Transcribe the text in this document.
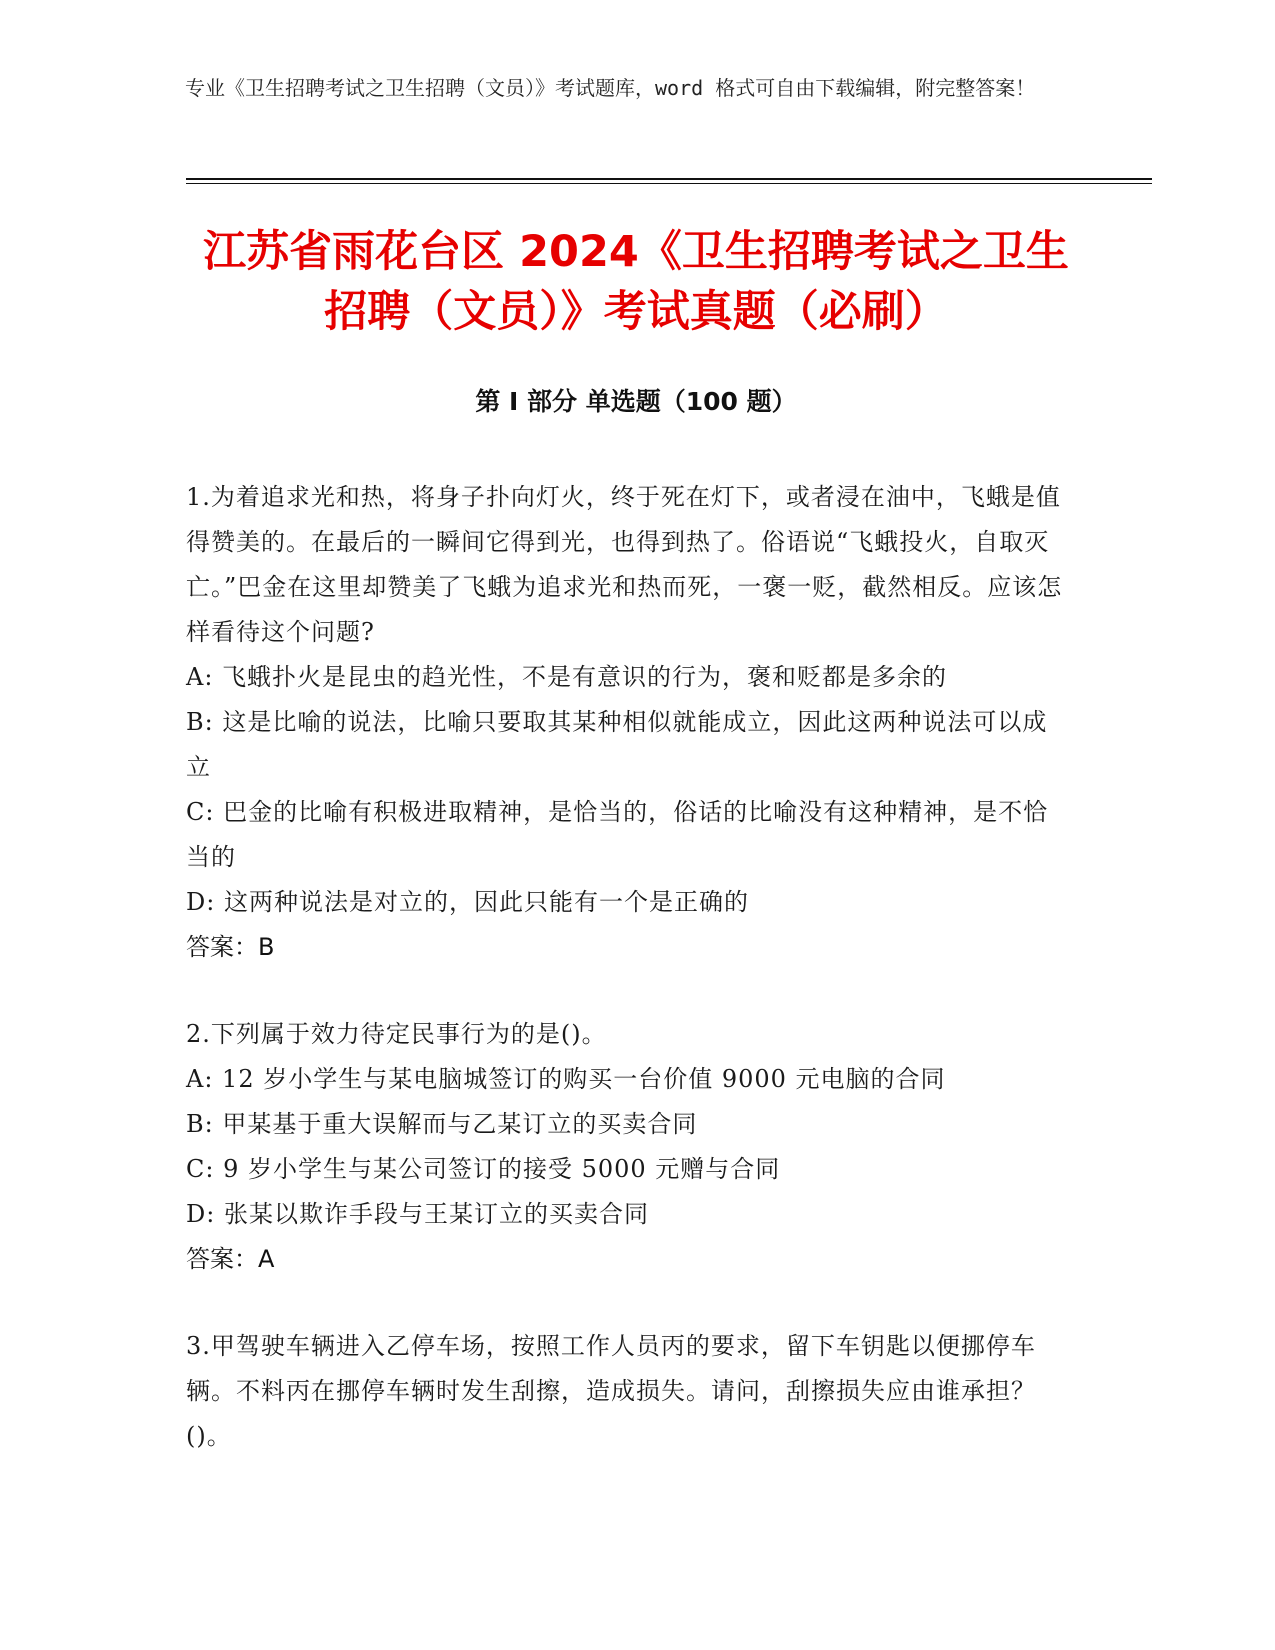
专业《卫生招聘考试之卫生招聘（文员）》考试题库，word 格式可自由下载编辑，附完整答案！
江苏省雨花台区 2024《卫生招聘考试之卫生招聘（文员）》考试真题（必刷）
第 I 部分 单选题（100 题）

1.为着追求光和热，将身子扑向灯火，终于死在灯下，或者浸在油中，飞蛾是值得赞美的。在最后的一瞬间它得到光，也得到热了。俗语说“飞蛾投火，自取灭亡。”巴金在这里却赞美了飞蛾为追求光和热而死，一褒一贬，截然相反。应该怎样看待这个问题?

A: 飞蛾扑火是昆虫的趋光性，不是有意识的行为，褒和贬都是多余的

B: 这是比喻的说法，比喻只要取其某种相似就能成立，因此这两种说法可以成立

C: 巴金的比喻有积极进取精神，是恰当的，俗话的比喻没有这种精神，是不恰当的

D: 这两种说法是对立的，因此只能有一个是正确的

答案：B

2.下列属于效力待定民事行为的是()。

A: 12 岁小学生与某电脑城签订的购买一台价值 9000 元电脑的合同

B: 甲某基于重大误解而与乙某订立的买卖合同

C: 9 岁小学生与某公司签订的接受 5000 元赠与合同

D: 张某以欺诈手段与王某订立的买卖合同

答案：A

3.甲驾驶车辆进入乙停车场，按照工作人员丙的要求，留下车钥匙以便挪停车辆。不料丙在挪停车辆时发生刮擦，造成损失。请问，刮擦损失应由谁承担？()。
